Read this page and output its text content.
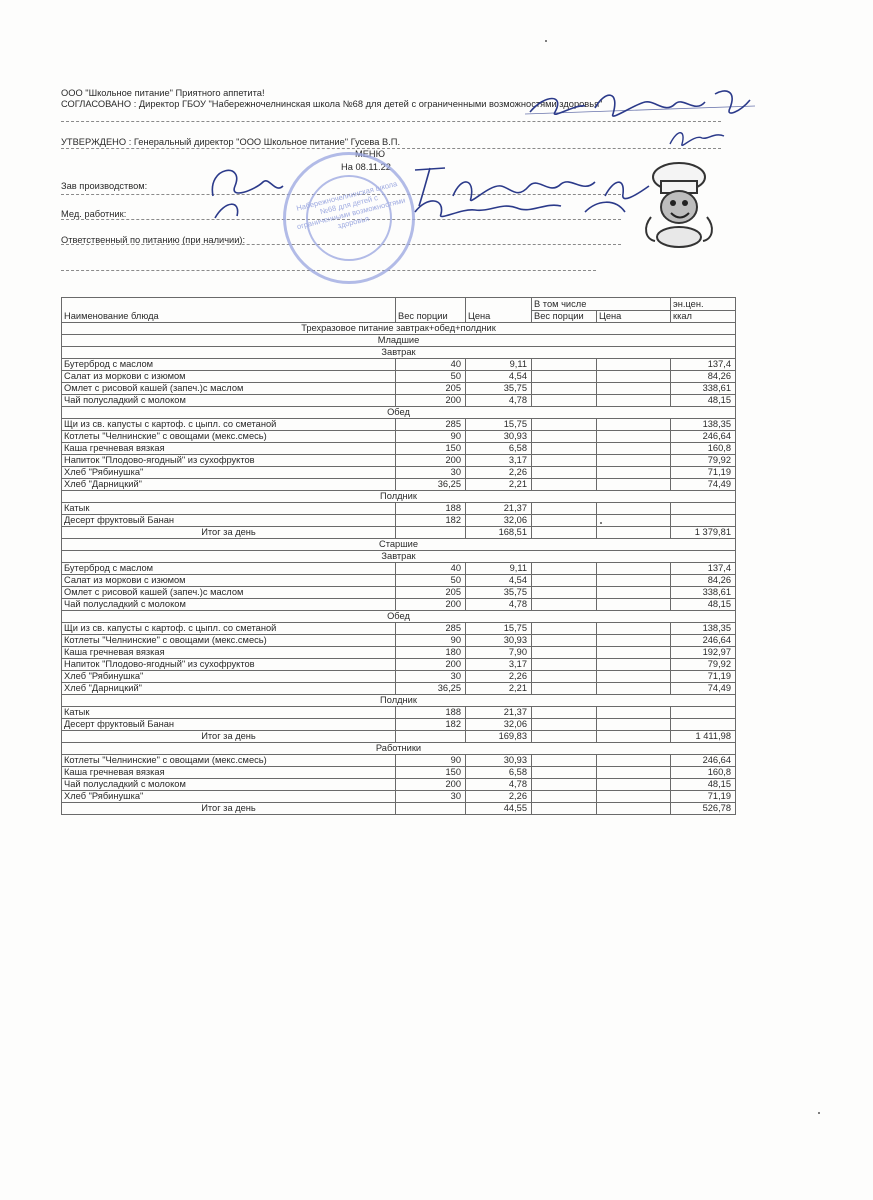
ООО "Школьное питание" Приятного аппетита!
СОГЛАСОВАНО : Директор ГБОУ "Набережночелнинская школа №68 для детей с ограниченными возможностями здоровья"
УТВЕРЖДЕНО : Генеральный директор "ООО Школьное питание" Гусева В.П.
МЕНЮ
На 08.11.22
Зав производством:
Мед. работник:
Ответственный по питанию (при наличии):
Набережночелнинская школа №68 для детей с ограниченными возможностями здоровья
Наименование блюда	Вес порции	Цена	В том числе		эн.цен.
			Вес порции	Цена	ккал
Трехразовое питание завтрак+обед+полдник					
Младшие					
Завтрак					
Бутерброд с маслом	40	9,11			137,4
Салат из моркови с изюмом	50	4,54			84,26
Омлет с рисовой кашей (запеч.)с маслом	205	35,75			338,61
Чай полусладкий с молоком	200	4,78			48,15
Обед					
Щи из св. капусты с картоф. с цыпл. со сметаной	285	15,75			138,35
Котлеты "Челнинские" с овощами (мекс.смесь)	90	30,93			246,64
Каша гречневая вязкая	150	6,58			160,8
Напиток "Плодово-ягодный" из сухофруктов	200	3,17			79,92
Хлеб "Рябинушка"	30	2,26			71,19
Хлеб "Дарницкий"	36,25	2,21			74,49
Полдник					
Катык	188	21,37			
Десерт фруктовый Банан	182	32,06			
Итог за день		168,51			1 379,81
Старшие					
Завтрак					
Бутерброд с маслом	40	9,11			137,4
Салат из моркови с изюмом	50	4,54			84,26
Омлет с рисовой кашей (запеч.)с маслом	205	35,75			338,61
Чай полусладкий с молоком	200	4,78			48,15
Обед					
Щи из св. капусты с картоф. с цыпл. со сметаной	285	15,75			138,35
Котлеты "Челнинские" с овощами (мекс.смесь)	90	30,93			246,64
Каша гречневая вязкая	180	7,90			192,97
Напиток "Плодово-ягодный" из сухофруктов	200	3,17			79,92
Хлеб "Рябинушка"	30	2,26			71,19
Хлеб "Дарницкий"	36,25	2,21			74,49
Полдник					
Катык	188	21,37			
Десерт фруктовый Банан	182	32,06			
Итог за день		169,83			1 411,98
Работники					
Котлеты "Челнинские" с овощами (мекс.смесь)	90	30,93			246,64
Каша гречневая вязкая	150	6,58			160,8
Чай полусладкий с молоком	200	4,78			48,15
Хлеб "Рябинушка"	30	2,26			71,19
Итог за день		44,55			526,78
